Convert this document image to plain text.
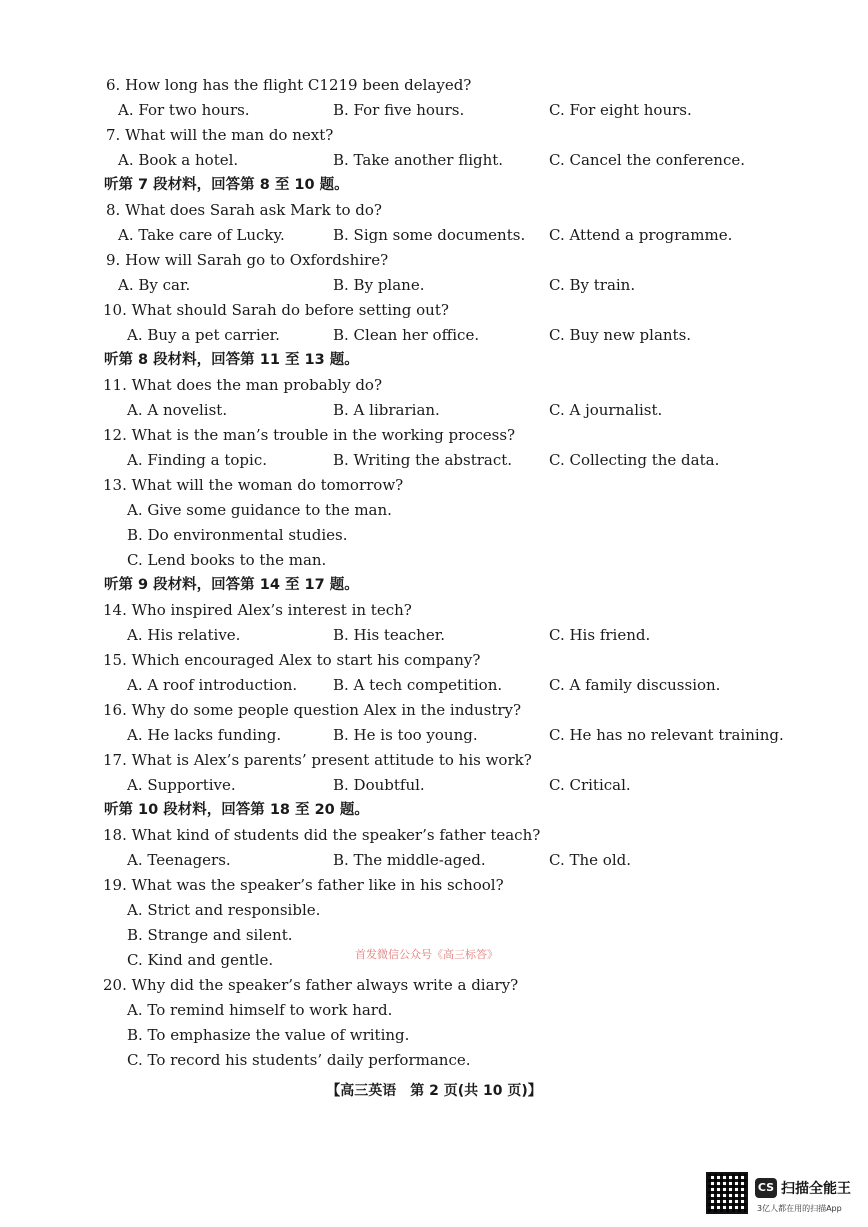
6. How long has the flight C1219 been delayed?
A. For two hours.	B. For five hours.	C. For eight hours.
7. What will the man do next?
A. Book a hotel.	B. Take another flight.	C. Cancel the conference.
听第 7 段材料，回答第 8 至 10 题。
8. What does Sarah ask Mark to do?
A. Take care of Lucky.	B. Sign some documents. C. Attend a programme.
9. How will Sarah go to Oxfordshire?
A. By car.	B. By plane.	C. By train.
10. What should Sarah do before setting out?
A. Buy a pet carrier.	B. Clean her office.	C. Buy new plants.
听第 8 段材料，回答第 11 至 13 题。
11. What does the man probably do?
A. A novelist.	B. A librarian.	C. A journalist.
12. What is the man’s trouble in the working process?
A. Finding a topic.	B. Writing the abstract. C. Collecting the data.
13. What will the woman do tomorrow?
A. Give some guidance to the man.
B. Do environmental studies.
C. Lend books to the man.
听第 9 段材料，回答第 14 至 17 题。
14. Who inspired Alex’s interest in tech?
A. His relative.	B. His teacher.	C. His friend.
15. Which encouraged Alex to start his company?
A. A roof introduction. B. A tech competition.	C. A family discussion.
16. Why do some people question Alex in the industry?
A. He lacks funding.	B. He is too young.	C. He has no relevant training.
17. What is Alex’s parents’ present attitude to his work?
A. Supportive.	B. Doubtful.	C. Critical.
听第 10 段材料，回答第 18 至 20 题。
18. What kind of students did the speaker’s father teach?
A. Teenagers.	B. The middle-aged.	C. The old.
19. What was the speaker’s father like in his school?
A. Strict and responsible.
B. Strange and silent.
C. Kind and gentle.
20. Why did the speaker’s father always write a diary?
A. To remind himself to work hard.
B. To emphasize the value of writing.
C. To record his students’ daily performance.
首发微信公众号《高三标答》
【高三英语　第 2 页(共 10 页)】
CS 扫描全能王
3亿人都在用的扫描App
